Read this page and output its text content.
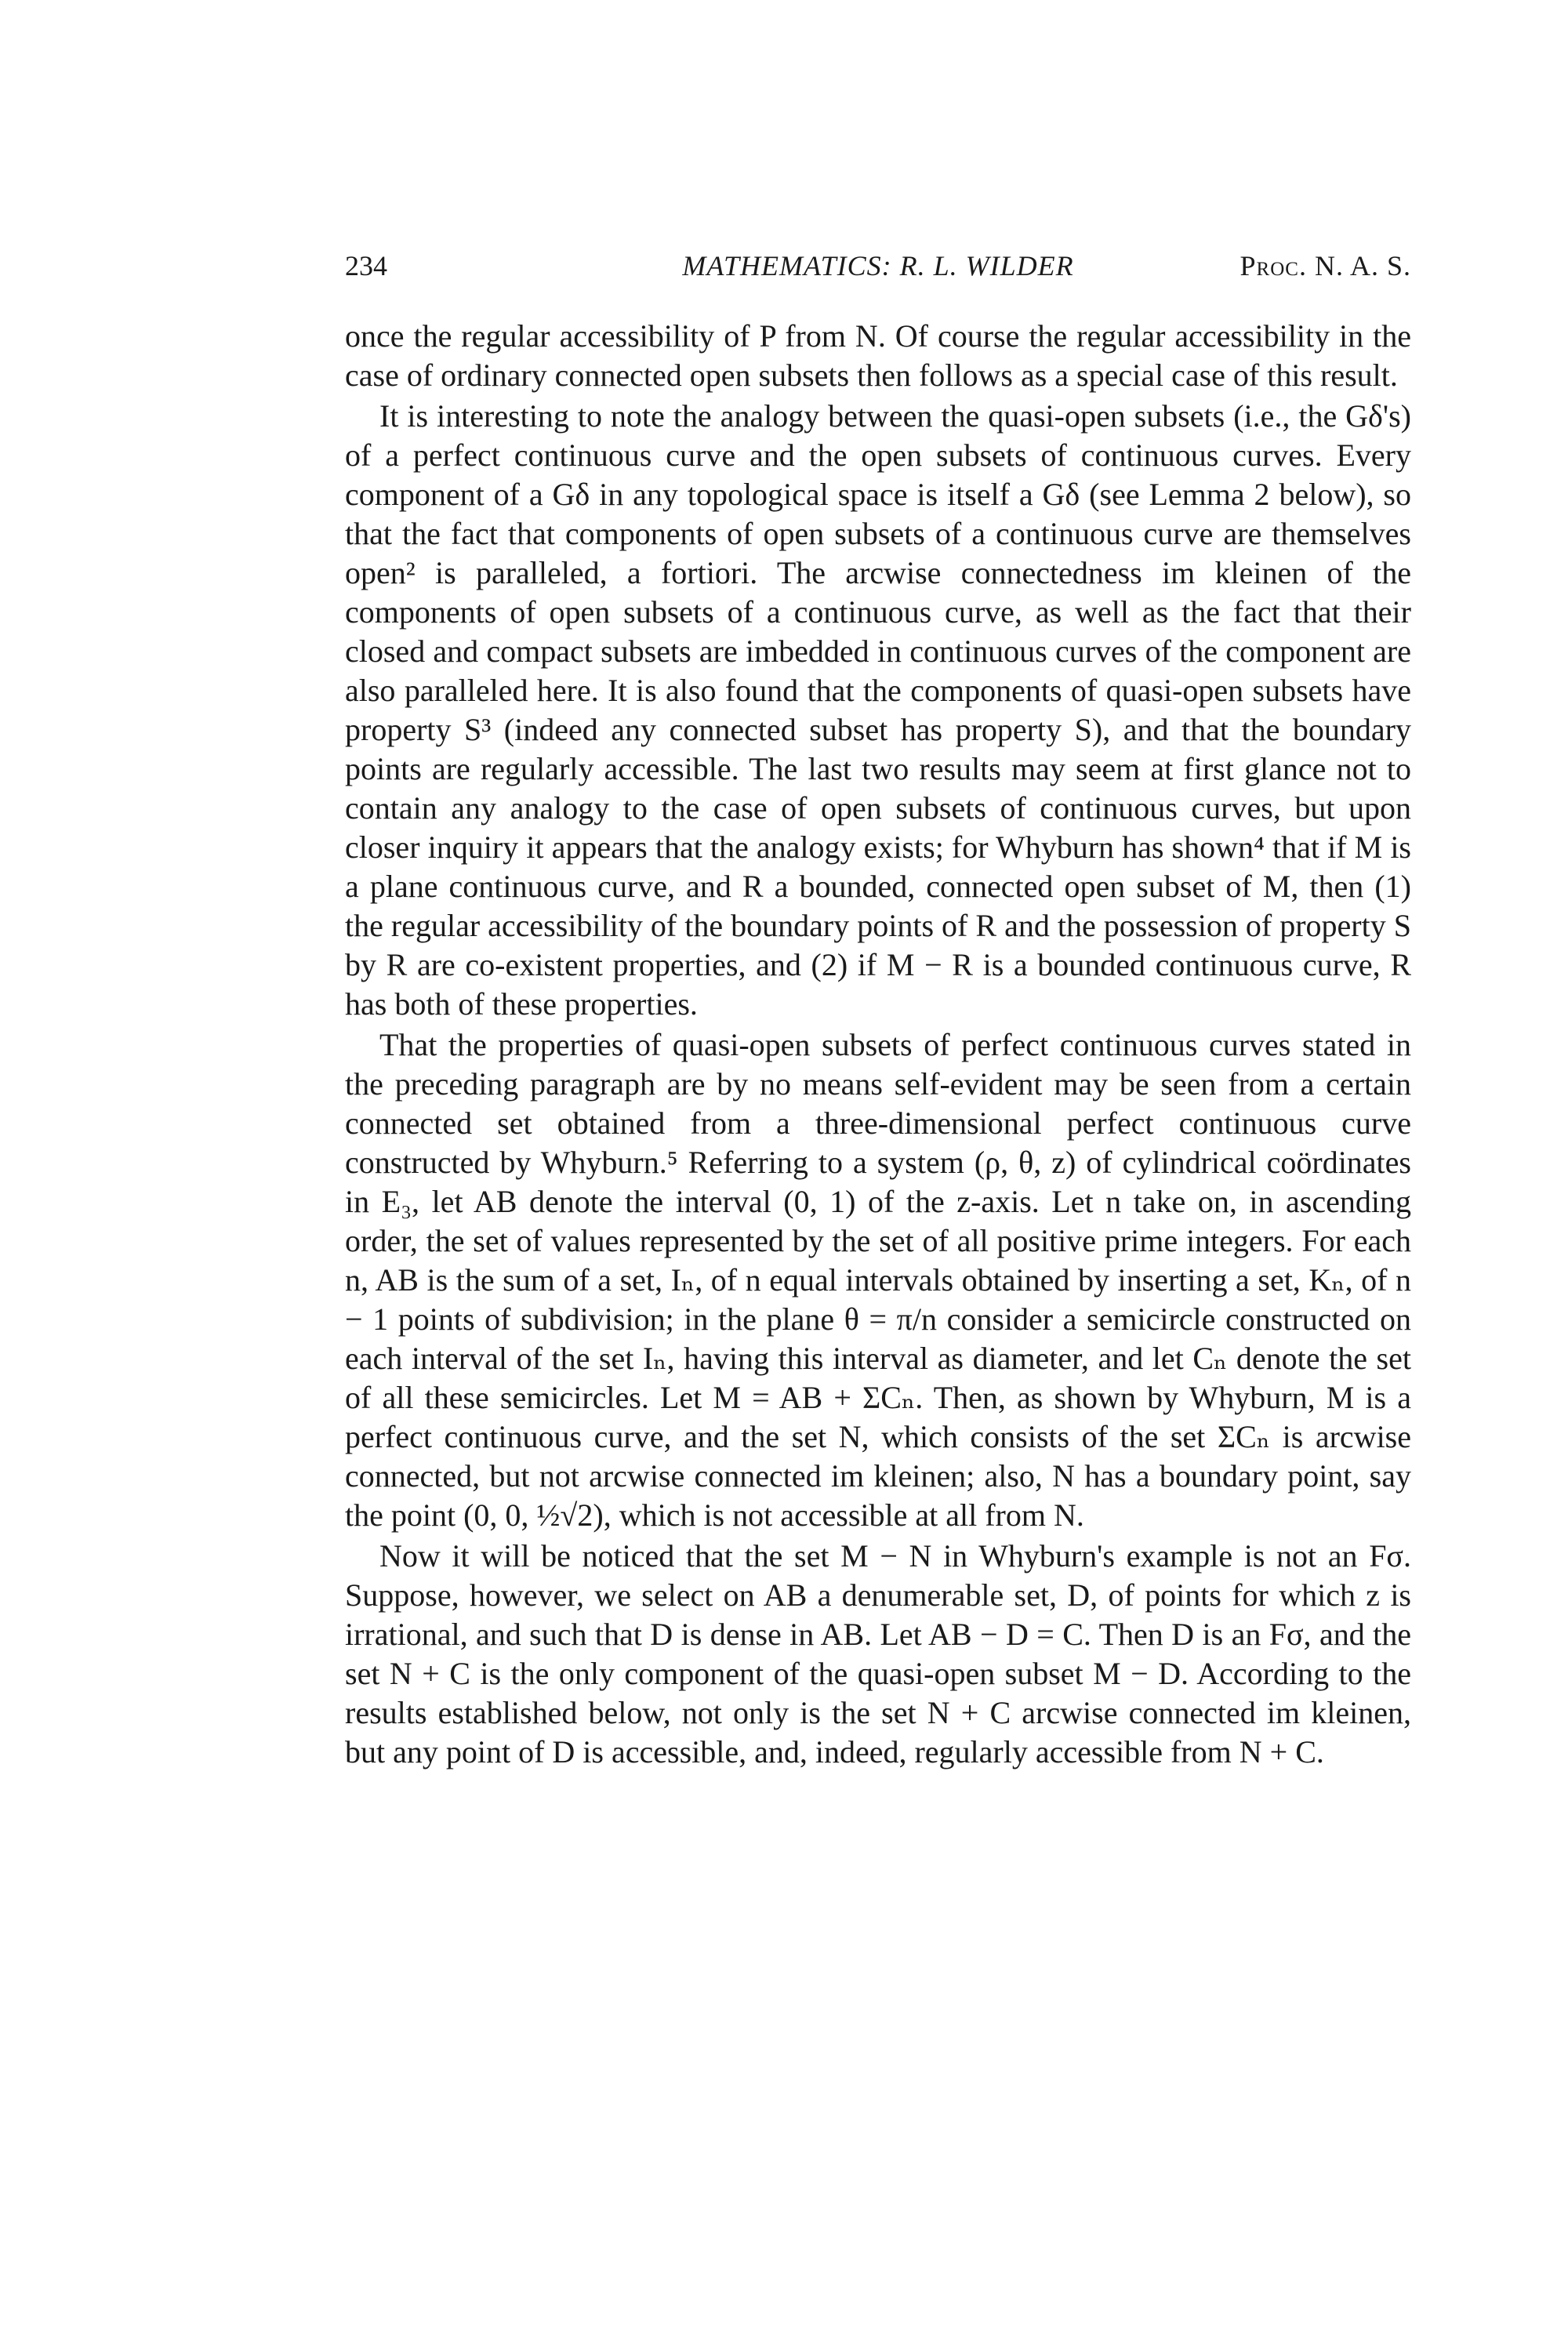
234	MATHEMATICS: R. L. WILDER	Proc. N. A. S.

once the regular accessibility of P from N. Of course the regular accessibility in the case of ordinary connected open subsets then follows as a special case of this result.

It is interesting to note the analogy between the quasi-open subsets (i.e., the Gδ's) of a perfect continuous curve and the open subsets of continuous curves. Every component of a Gδ in any topological space is itself a Gδ (see Lemma 2 below), so that the fact that components of open subsets of a continuous curve are themselves open² is paralleled, a fortiori. The arcwise connectedness im kleinen of the components of open subsets of a continuous curve, as well as the fact that their closed and compact subsets are imbedded in continuous curves of the component are also paralleled here. It is also found that the components of quasi-open subsets have property S³ (indeed any connected subset has property S), and that the boundary points are regularly accessible. The last two results may seem at first glance not to contain any analogy to the case of open subsets of continuous curves, but upon closer inquiry it appears that the analogy exists; for Whyburn has shown⁴ that if M is a plane continuous curve, and R a bounded, connected open subset of M, then (1) the regular accessibility of the boundary points of R and the possession of property S by R are co-existent properties, and (2) if M − R is a bounded continuous curve, R has both of these properties.

That the properties of quasi-open subsets of perfect continuous curves stated in the preceding paragraph are by no means self-evident may be seen from a certain connected set obtained from a three-dimensional perfect continuous curve constructed by Whyburn.⁵ Referring to a system (ρ, θ, z) of cylindrical coördinates in E₃, let AB denote the interval (0, 1) of the z-axis. Let n take on, in ascending order, the set of values represented by the set of all positive prime integers. For each n, AB is the sum of a set, Iₙ, of n equal intervals obtained by inserting a set, Kₙ, of n − 1 points of subdivision; in the plane θ = π/n consider a semicircle constructed on each interval of the set Iₙ, having this interval as diameter, and let Cₙ denote the set of all these semicircles. Let M = AB + ΣCₙ. Then, as shown by Whyburn, M is a perfect continuous curve, and the set N, which consists of the set ΣCₙ is arcwise connected, but not arcwise connected im kleinen; also, N has a boundary point, say the point (0, 0, ½√2), which is not accessible at all from N.

Now it will be noticed that the set M − N in Whyburn's example is not an Fσ. Suppose, however, we select on AB a denumerable set, D, of points for which z is irrational, and such that D is dense in AB. Let AB − D = C. Then D is an Fσ, and the set N + C is the only component of the quasi-open subset M − D. According to the results established below, not only is the set N + C arcwise connected im kleinen, but any point of D is accessible, and, indeed, regularly accessible from N + C.
